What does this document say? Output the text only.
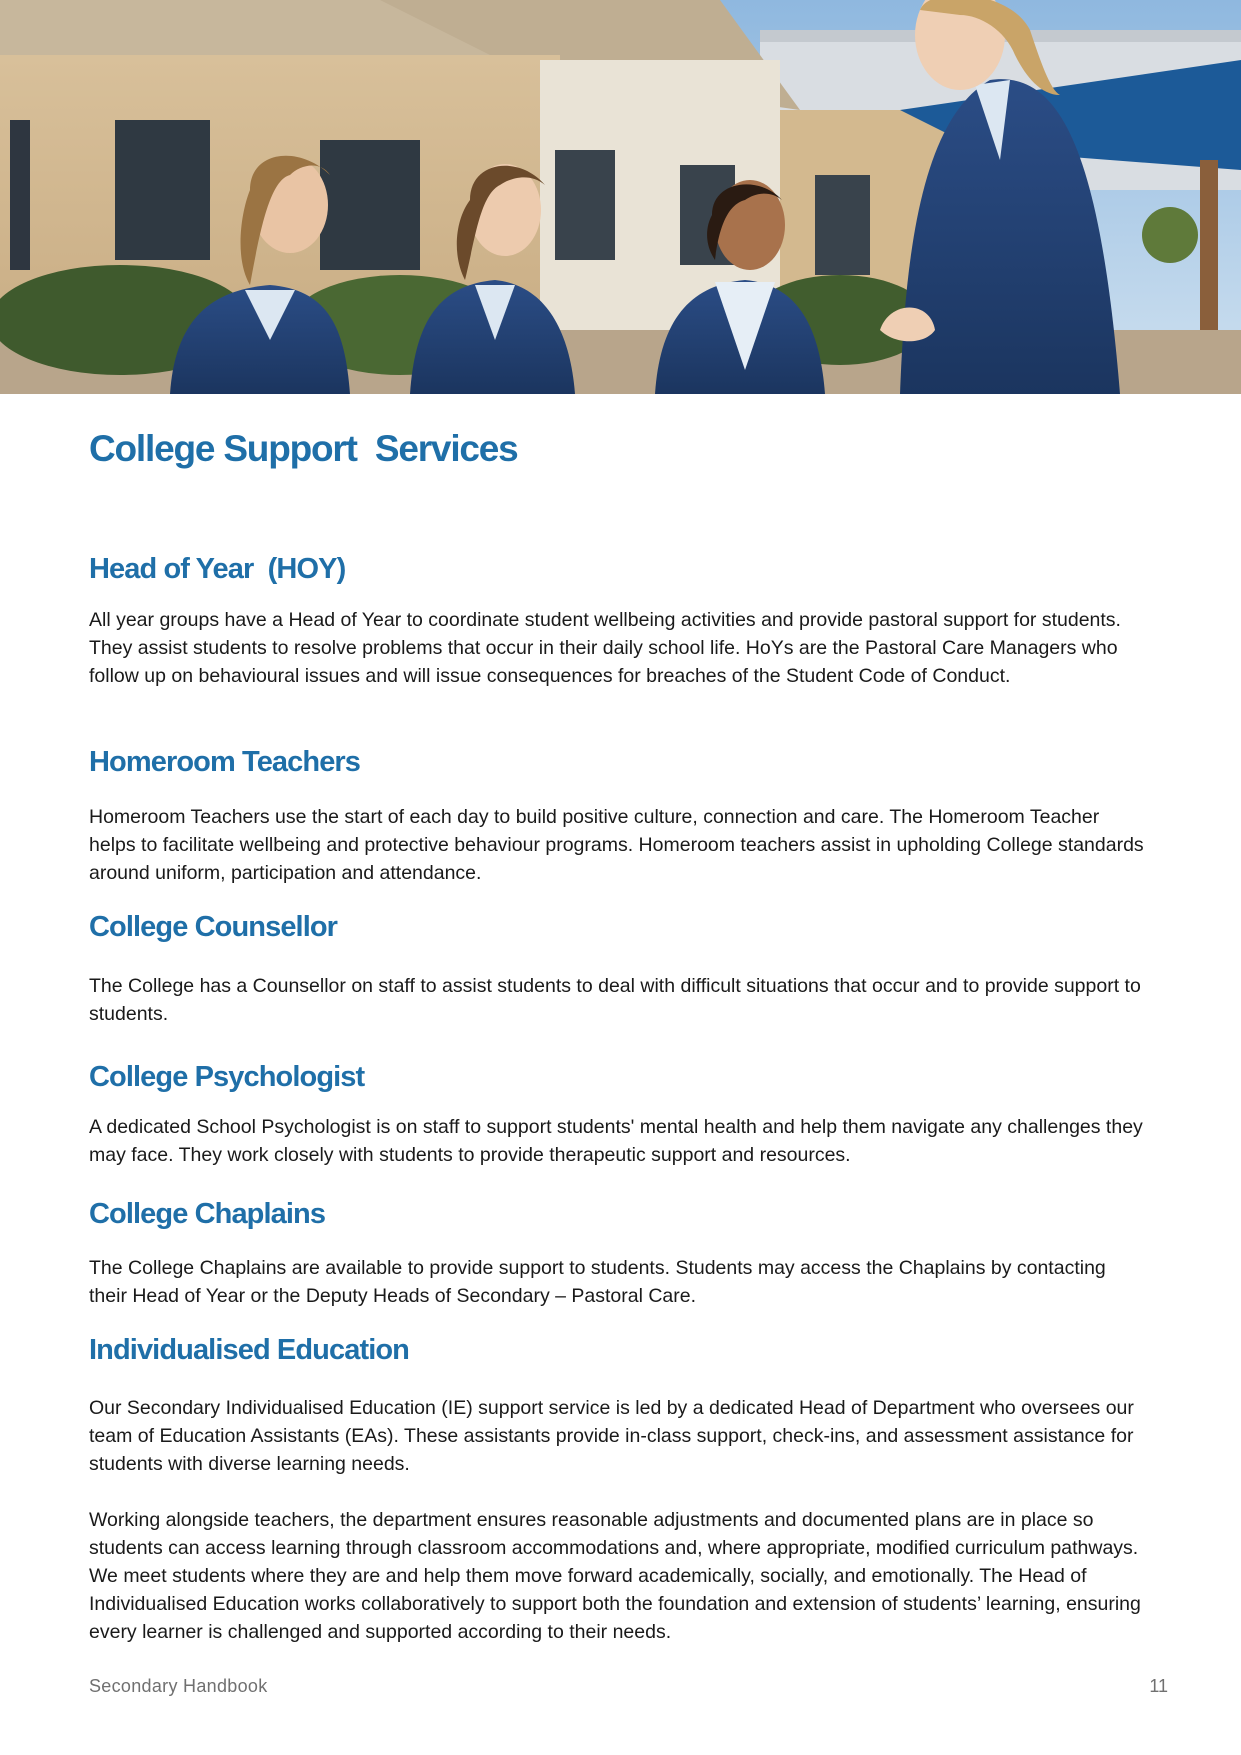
College Support  Services
Head of Year  (HOY)

All year groups have a Head of Year to coordinate student wellbeing activities and provide pastoral support for students. They assist students to resolve problems that occur in their daily school life. HoYs are the Pastoral Care Managers who follow up on behavioural issues and will issue consequences for breaches of the Student Code of Conduct.

Homeroom Teachers

Homeroom Teachers use the start of each day to build positive culture, connection and care. The Homeroom Teacher helps to facilitate wellbeing and protective behaviour programs. Homeroom teachers assist in upholding College standards around uniform, participation and attendance.

College Counsellor

The College has a Counsellor on staff to assist students to deal with difficult situations that occur and to provide support to students.

College Psychologist

A dedicated School Psychologist is on staff to support students' mental health and help them navigate any challenges they may face. They work closely with students to provide therapeutic support and resources.

College Chaplains

The College Chaplains are available to provide support to students. Students may access the Chaplains by contacting their Head of Year or the Deputy Heads of Secondary – Pastoral Care.

Individualised Education

Our Secondary Individualised Education (IE) support service is led by a dedicated Head of Department who oversees our team of Education Assistants (EAs). These assistants provide in-class support, check-ins, and assessment assistance for students with diverse learning needs.

Working alongside teachers, the department ensures reasonable adjustments and documented plans are in place so students can access learning through classroom accommodations and, where appropriate, modified curriculum pathways. We meet students where they are and help them move forward academically, socially, and emotionally. The Head of Individualised Education works collaboratively to support both the foundation and extension of students’ learning, ensuring every learner is challenged and supported according to their needs.

Secondary Handbook	11
